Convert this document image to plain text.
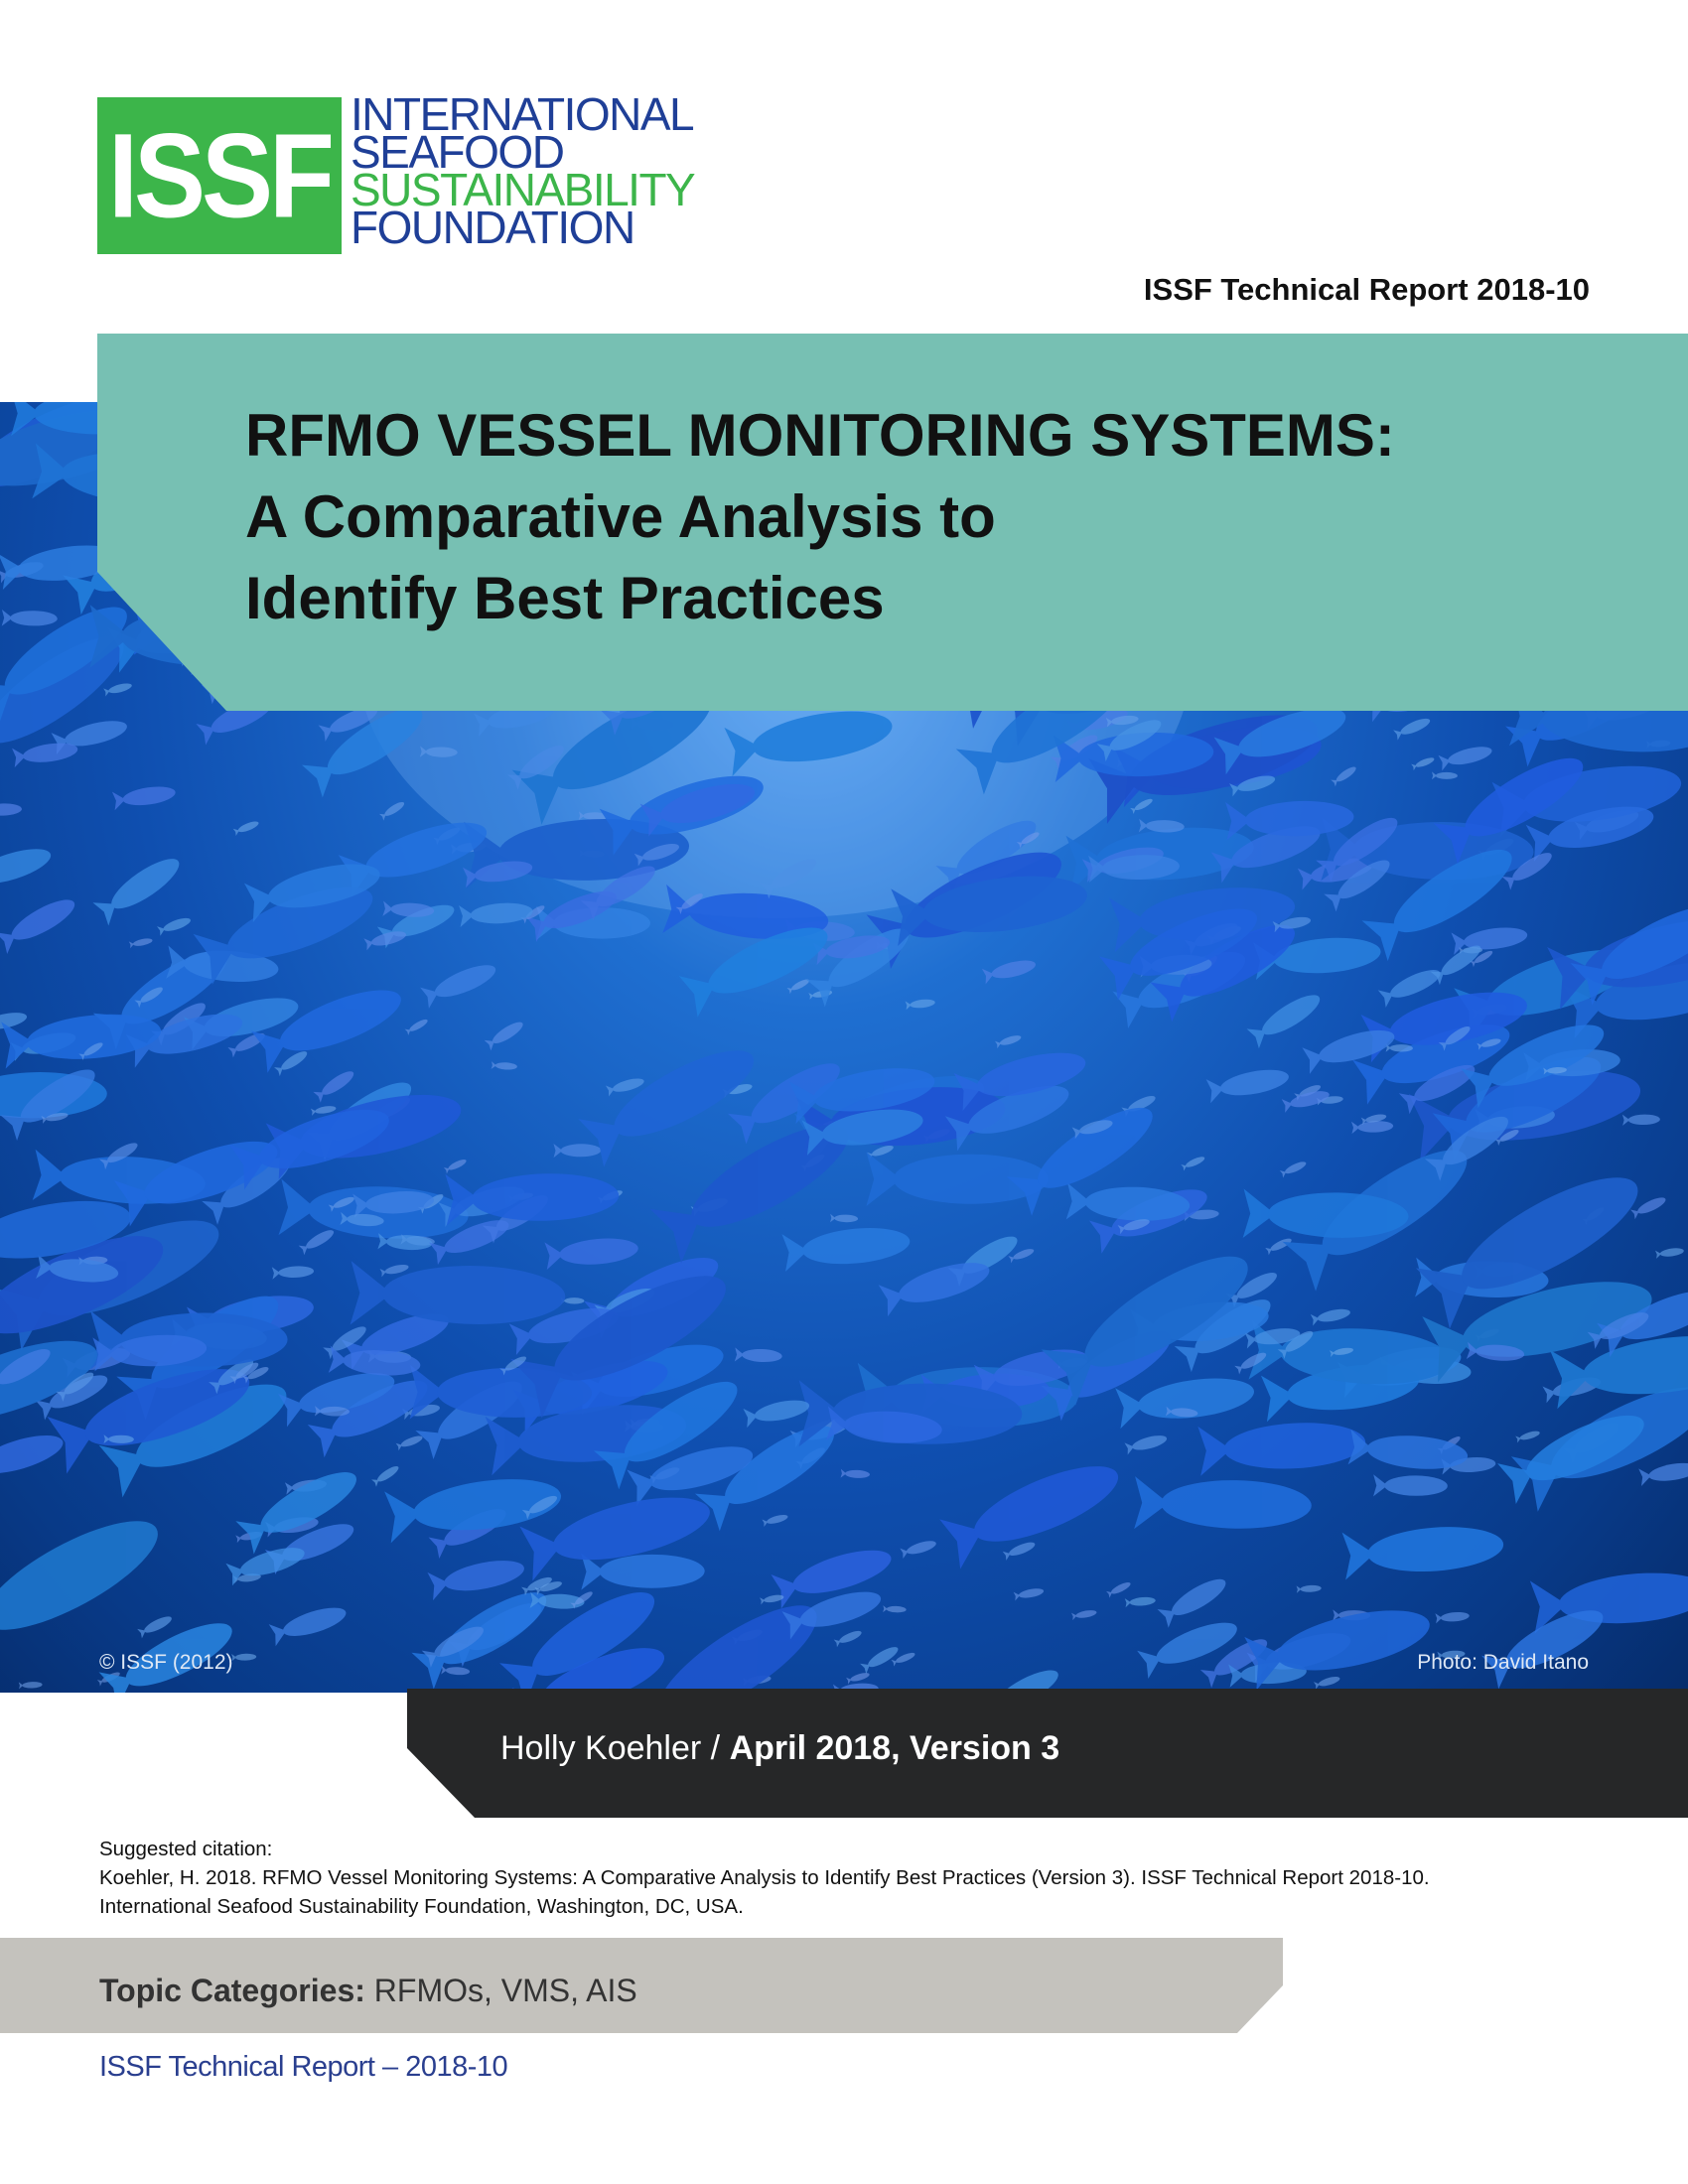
ISSF INTERNATIONAL
SEAFOOD
SUSTAINABILITY
FOUNDATION
ISSF Technical Report 2018-10
© ISSF (2012)	Photo: David Itano
RFMO VESSEL MONITORING SYSTEMS:
A Comparative Analysis to
Identify Best Practices
Holly Koehler / April 2018, Version 3
Suggested citation:
Koehler, H. 2018. RFMO Vessel Monitoring Systems: A Comparative Analysis to Identify Best Practices (Version 3). ISSF Technical Report 2018-10. International Seafood Sustainability Foundation, Washington, DC, USA.
Topic Categories: RFMOs, VMS, AIS
ISSF Technical Report – 2018-10
